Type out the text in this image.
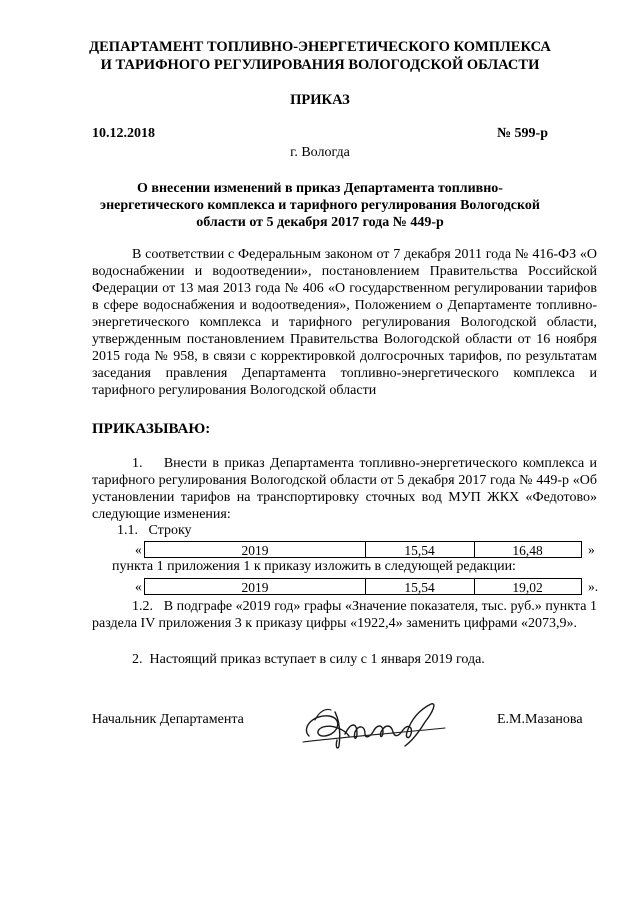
ДЕПАРТАМЕНТ ТОПЛИВНО-ЭНЕРГЕТИЧЕСКОГО КОМПЛЕКСА
И ТАРИФНОГО РЕГУЛИРОВАНИЯ ВОЛОГОДСКОЙ ОБЛАСТИ
ПРИКАЗ
10.12.2018	№ 599-р
г. Вологда
О внесении изменений в приказ Департамента топливно-
энергетического комплекса и тарифного регулирования Вологодской
области от 5 декабря 2017 года № 449-р
В соответствии с Федеральным законом от 7 декабря 2011 года № 416-ФЗ «О водоснабжении и водоотведении», постановлением Правительства Российской Федерации от 13 мая 2013 года № 406 «О государственном регулировании тарифов в сфере водоснабжения и водоотведения», Положением о Департаменте топливно-энергетического комплекса и тарифного регулирования Вологодской области, утвержденным постановлением Правительства Вологодской области от 16 ноября 2015 года № 958, в связи с корректировкой долгосрочных тарифов, по результатам заседания правления Департамента топливно-энергетического комплекса и тарифного регулирования Вологодской области
ПРИКАЗЫВАЮ:
1.    Внести в приказ Департамента топливно-энергетического комплекса и тарифного регулирования Вологодской области от 5 декабря 2017 года № 449-р «Об установлении тарифов на транспортировку сточных вод МУП ЖКХ «Федотово» следующие изменения:
1.1.   Строку
«	2019	15,54	16,48	»
пункта 1 приложения 1 к приказу изложить в следующей редакции:
«	2019	15,54	19,02	».
1.2.   В подграфе «2019 год» графы «Значение показателя, тыс. руб.» пункта 1 раздела IV приложения 3 к приказу цифры «1922,4» заменить цифрами «2073,9».
2.  Настоящий приказ вступает в силу с 1 января 2019 года.
Начальник Департамента	Е.М.Мазанова
